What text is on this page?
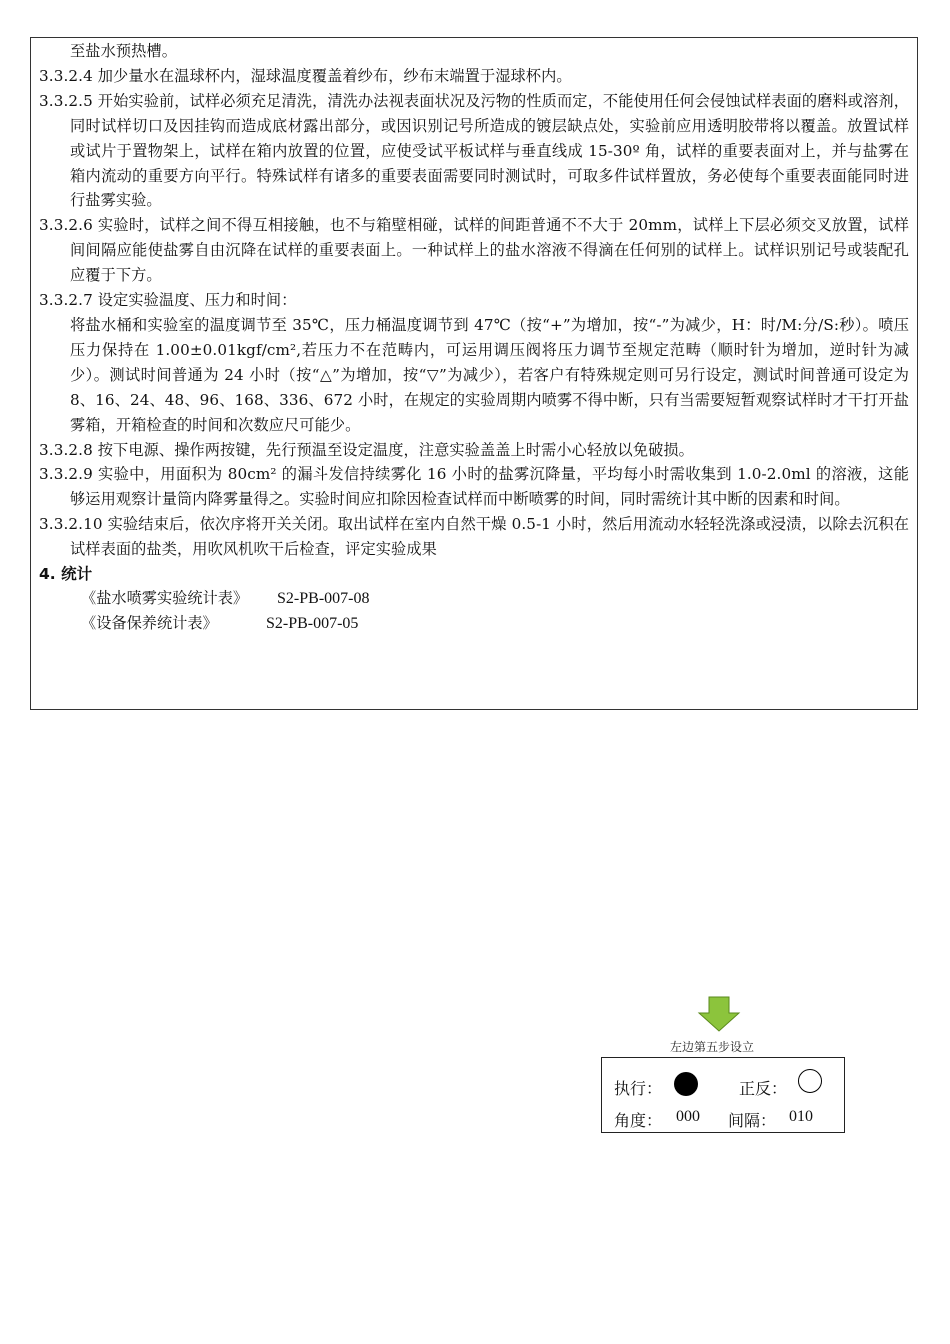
至盐水预热槽。

3.3.2.4 加少量水在温球杯内，湿球温度覆盖着纱布，纱布末端置于湿球杯内。

3.3.2.5 开始实验前，试样必须充足清洗，清洗办法视表面状况及污物的性质而定，不能使用任何会侵蚀试样表面的磨料或溶剂，同时试样切口及因挂钩而造成底材露出部分，或因识别记号所造成的镀层缺点处，实验前应用透明胶带将以覆盖。放置试样或试片于置物架上，试样在箱内放置的位置，应使受试平板试样与垂直线成 15-30º 角，试样的重要表面对上，并与盐雾在箱内流动的重要方向平行。特殊试样有诸多的重要表面需要同时测试时，可取多件试样置放，务必使每个重要表面能同时进行盐雾实验。

3.3.2.6 实验时，试样之间不得互相接触，也不与箱壁相碰，试样的间距普通不不大于 20mm，试样上下层必须交叉放置，试样间间隔应能使盐雾自由沉降在试样的重要表面上。一种试样上的盐水溶液不得滴在任何别的试样上。试样识别记号或装配孔应覆于下方。

3.3.2.7 设定实验温度、压力和时间：

将盐水桶和实验室的温度调节至 35℃，压力桶温度调节到 47℃（按“+”为增加，按“-”为减少，H：时/M:分/S:秒）。喷压压力保持在 1.00±0.01kgf/cm²,若压力不在范畴内，可运用调压阀将压力调节至规定范畴（顺时针为增加，逆时针为减少）。测试时间普通为 24 小时（按“△”为增加，按“▽”为减少），若客户有特殊规定则可另行设定，测试时间普通可设定为 8、16、24、48、96、168、336、672 小时，在规定的实验周期内喷雾不得中断，只有当需要短暂观察试样时才干打开盐雾箱，开箱检查的时间和次数应尺可能少。

3.3.2.8 按下电源、操作两按键，先行预温至设定温度，注意实验盖盖上时需小心轻放以免破损。

3.3.2.9 实验中，用面积为 80cm² 的漏斗发信持续雾化 16 小时的盐雾沉降量，平均每小时需收集到 1.0-2.0ml 的溶液，这能够运用观察计量筒内降雾量得之。实验时间应扣除因检查试样而中断喷雾的时间，同时需统计其中断的因素和时间。

3.3.2.10 实验结束后，依次序将开关关闭。取出试样在室内自然干燥 0.5-1 小时，然后用流动水轻轻洗涤或浸渍，以除去沉积在试样表面的盐类，用吹风机吹干后检查，评定实验成果

4. 统计

《盐水喷雾实验统计表》 S2-PB-007-08

《设备保养统计表》	S2-PB-007-05

左边第五步设立
执行：	正反：
角度： 000 间隔： 010
